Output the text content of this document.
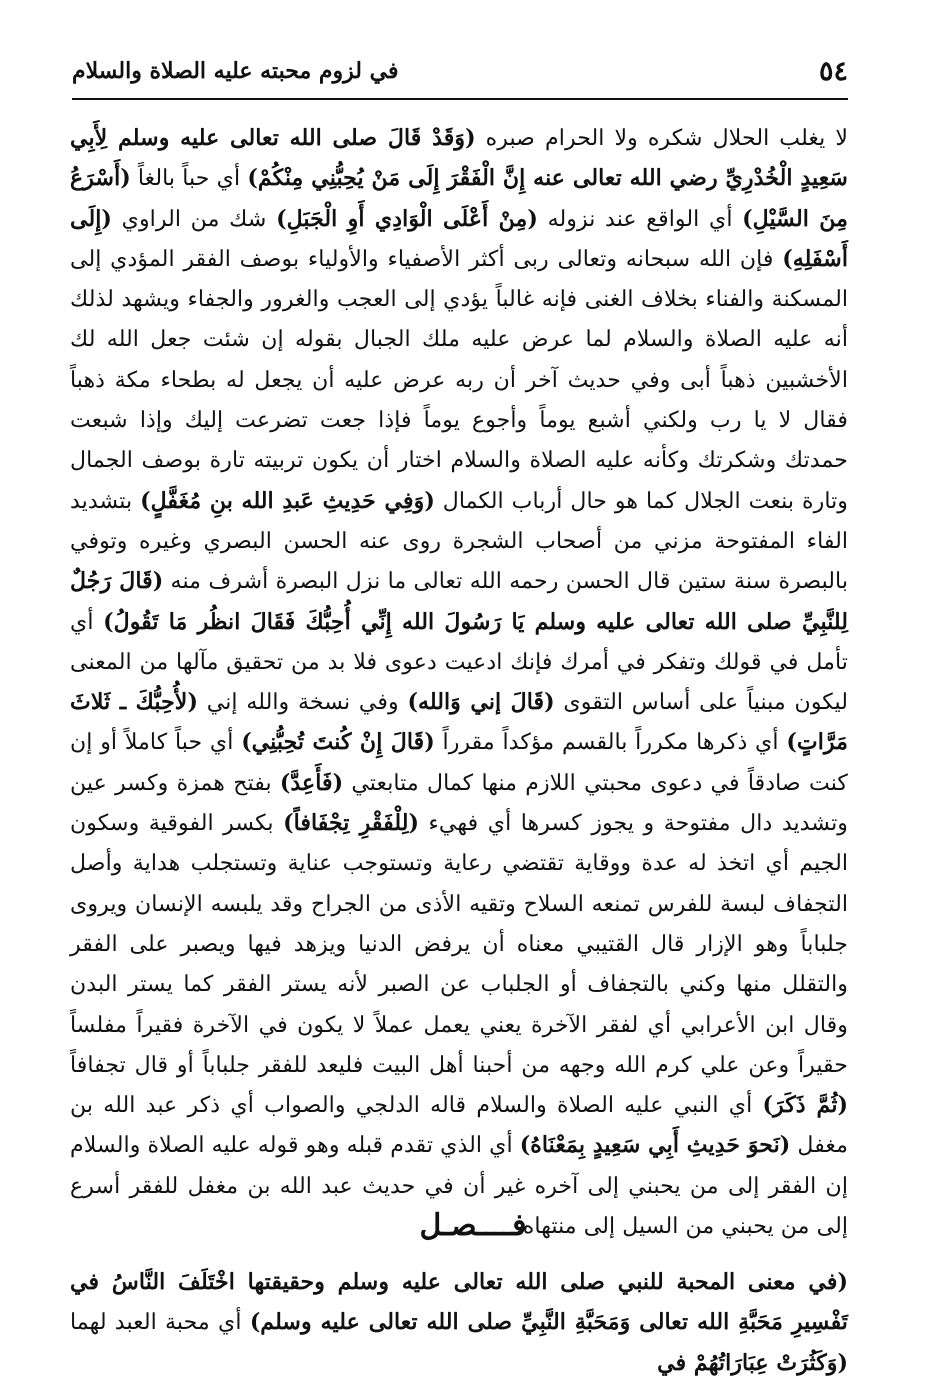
٥٤
في لزوم محبته عليه الصلاة والسلام

لا يغلب الحلال شكره ولا الحرام صبره (وَقَدْ قَالَ صلى الله تعالى عليه وسلم لِأَبِي سَعِيدٍ الْخُدْرِيِّ رضي الله تعالى عنه إِنَّ الْفَقْرَ إِلَى مَنْ يُحِبُّنِي مِنْكُمْ) أي حباً بالغاً (أَسْرَعُ مِنَ السَّيْلِ) أي الواقع عند نزوله (مِنْ أَعْلَى الْوَادِي أَوِ الْجَبَلِ) شك من الراوي (إِلَى أَسْفَلِهِ) فإن الله سبحانه وتعالى ربى أكثر الأصفياء والأولياء بوصف الفقر المؤدي إلى المسكنة والفناء بخلاف الغنى فإنه غالباً يؤدي إلى العجب والغرور والجفاء ويشهد لذلك أنه عليه الصلاة والسلام لما عرض عليه ملك الجبال بقوله إن شئت جعل الله لك الأخشبين ذهباً أبى وفي حديث آخر أن ربه عرض عليه أن يجعل له بطحاء مكة ذهباً فقال لا يا رب ولكني أشبع يوماً وأجوع يوماً فإذا جعت تضرعت إليك وإذا شبعت حمدتك وشكرتك وكأنه عليه الصلاة والسلام اختار أن يكون تربيته تارة بوصف الجمال وتارة بنعت الجلال كما هو حال أرباب الكمال (وَفِي حَدِيثِ عَبدِ الله بنِ مُغَفَّلٍ) بتشديد الفاء المفتوحة مزني من أصحاب الشجرة روى عنه الحسن البصري وغيره وتوفي بالبصرة سنة ستين قال الحسن رحمه الله تعالى ما نزل البصرة أشرف منه (قَالَ رَجُلٌ لِلنَّبِيِّ صلى الله تعالى عليه وسلم يَا رَسُولَ الله إِنِّي أُحِبُّكَ فَقَالَ انظُر مَا تَقُولُ) أي تأمل في قولك وتفكر في أمرك فإنك ادعيت دعوى فلا بد من تحقيق مآلها من المعنى ليكون مبنياً على أساس التقوى (قَالَ إني وَالله) وفي نسخة والله إني (لأُحِبُّكَ ـ ثَلاثَ مَرَّاتٍ) أي ذكرها مكرراً بالقسم مؤكداً مقرراً (قَالَ إِنْ كُنتَ تُحِبُّنِي) أي حباً كاملاً أو إن كنت صادقاً في دعوى محبتي اللازم منها كمال متابعتي (فَأَعِدَّ) بفتح همزة وكسر عين وتشديد دال مفتوحة و يجوز كسرها أي فهيء (لِلْفَقْرِ تِجْفَافاً) بكسر الفوقية وسكون الجيم أي اتخذ له عدة ووقاية تقتضي رعاية وتستوجب عناية وتستجلب هداية وأصل التجفاف لبسة للفرس تمنعه السلاح وتقيه الأذى من الجراح وقد يلبسه الإنسان ويروى جلباباً وهو الإزار قال القتيبي معناه أن يرفض الدنيا ويزهد فيها ويصبر على الفقر والتقلل منها وكني بالتجفاف أو الجلباب عن الصبر لأنه يستر الفقر كما يستر البدن وقال ابن الأعرابي أي لفقر الآخرة يعني يعمل عملاً لا يكون في الآخرة فقيراً مفلساً حقيراً وعن علي كرم الله وجهه من أحبنا أهل البيت فليعد للفقر جلباباً أو قال تجفافاً (ثُمَّ ذَكَرَ) أي النبي عليه الصلاة والسلام قاله الدلجي والصواب أي ذكر عبد الله بن مغفل (نَحوَ حَدِيثِ أَبِي سَعِيدٍ بِمَعْنَاهُ) أي الذي تقدم قبله وهو قوله عليه الصلاة والسلام إن الفقر إلى من يحبني إلى آخره غير أن في حديث عبد الله بن مغفل للفقر أسرع إلى من يحبني من السيل إلى منتهاه.

فــــصـل

(في معنى المحبة للنبي صلى الله تعالى عليه وسلم وحقيقتها اخْتَلَفَ النَّاسُ في تَفْسِيرِ مَحَبَّةِ الله تعالى وَمَحَبَّةِ النَّبِيِّ صلى الله تعالى عليه وسلم) أي محبة العبد لهما (وَكَثُرَتْ عِبَارَاتُهُمْ في
